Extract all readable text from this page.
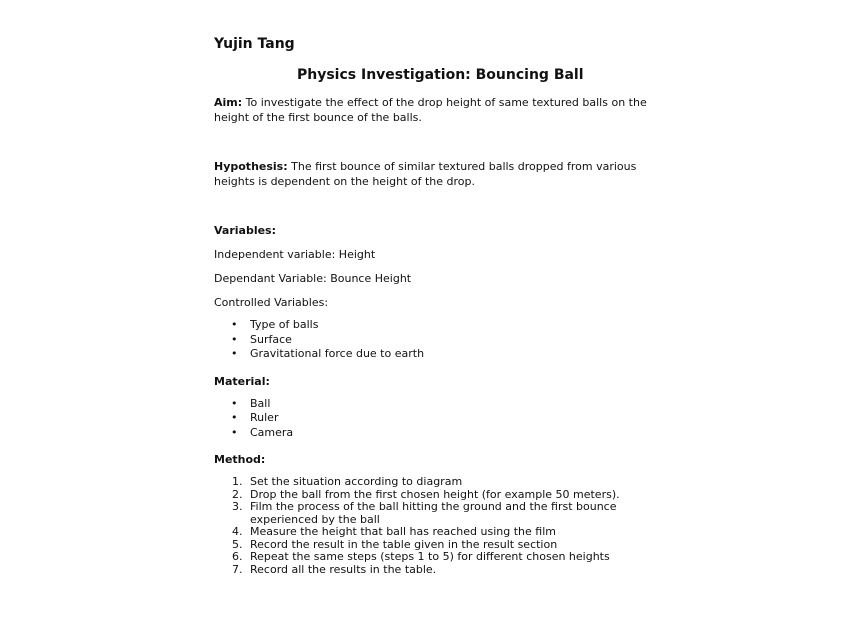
Yujin Tang

Physics Investigation: Bouncing Ball

Aim: To investigate the effect of the drop height of same textured balls on the height of the first bounce of the balls.

Hypothesis: The first bounce of similar textured balls dropped from various heights is dependent on the height of the drop.

Variables:

Independent variable: Height

Dependant Variable: Bounce Height

Controlled Variables:

• Type of balls
• Surface
• Gravitational force due to earth

Material:

• Ball
• Ruler
• Camera

Method:

1. Set the situation according to diagram
2. Drop the ball from the first chosen height (for example 50 meters).
3. Film the process of the ball hitting the ground and the first bounce experienced by the ball
4. Measure the height that ball has reached using the film
5. Record the result in the table given in the result section
6. Repeat the same steps (steps 1 to 5) for different chosen heights
7. Record all the results in the table.
